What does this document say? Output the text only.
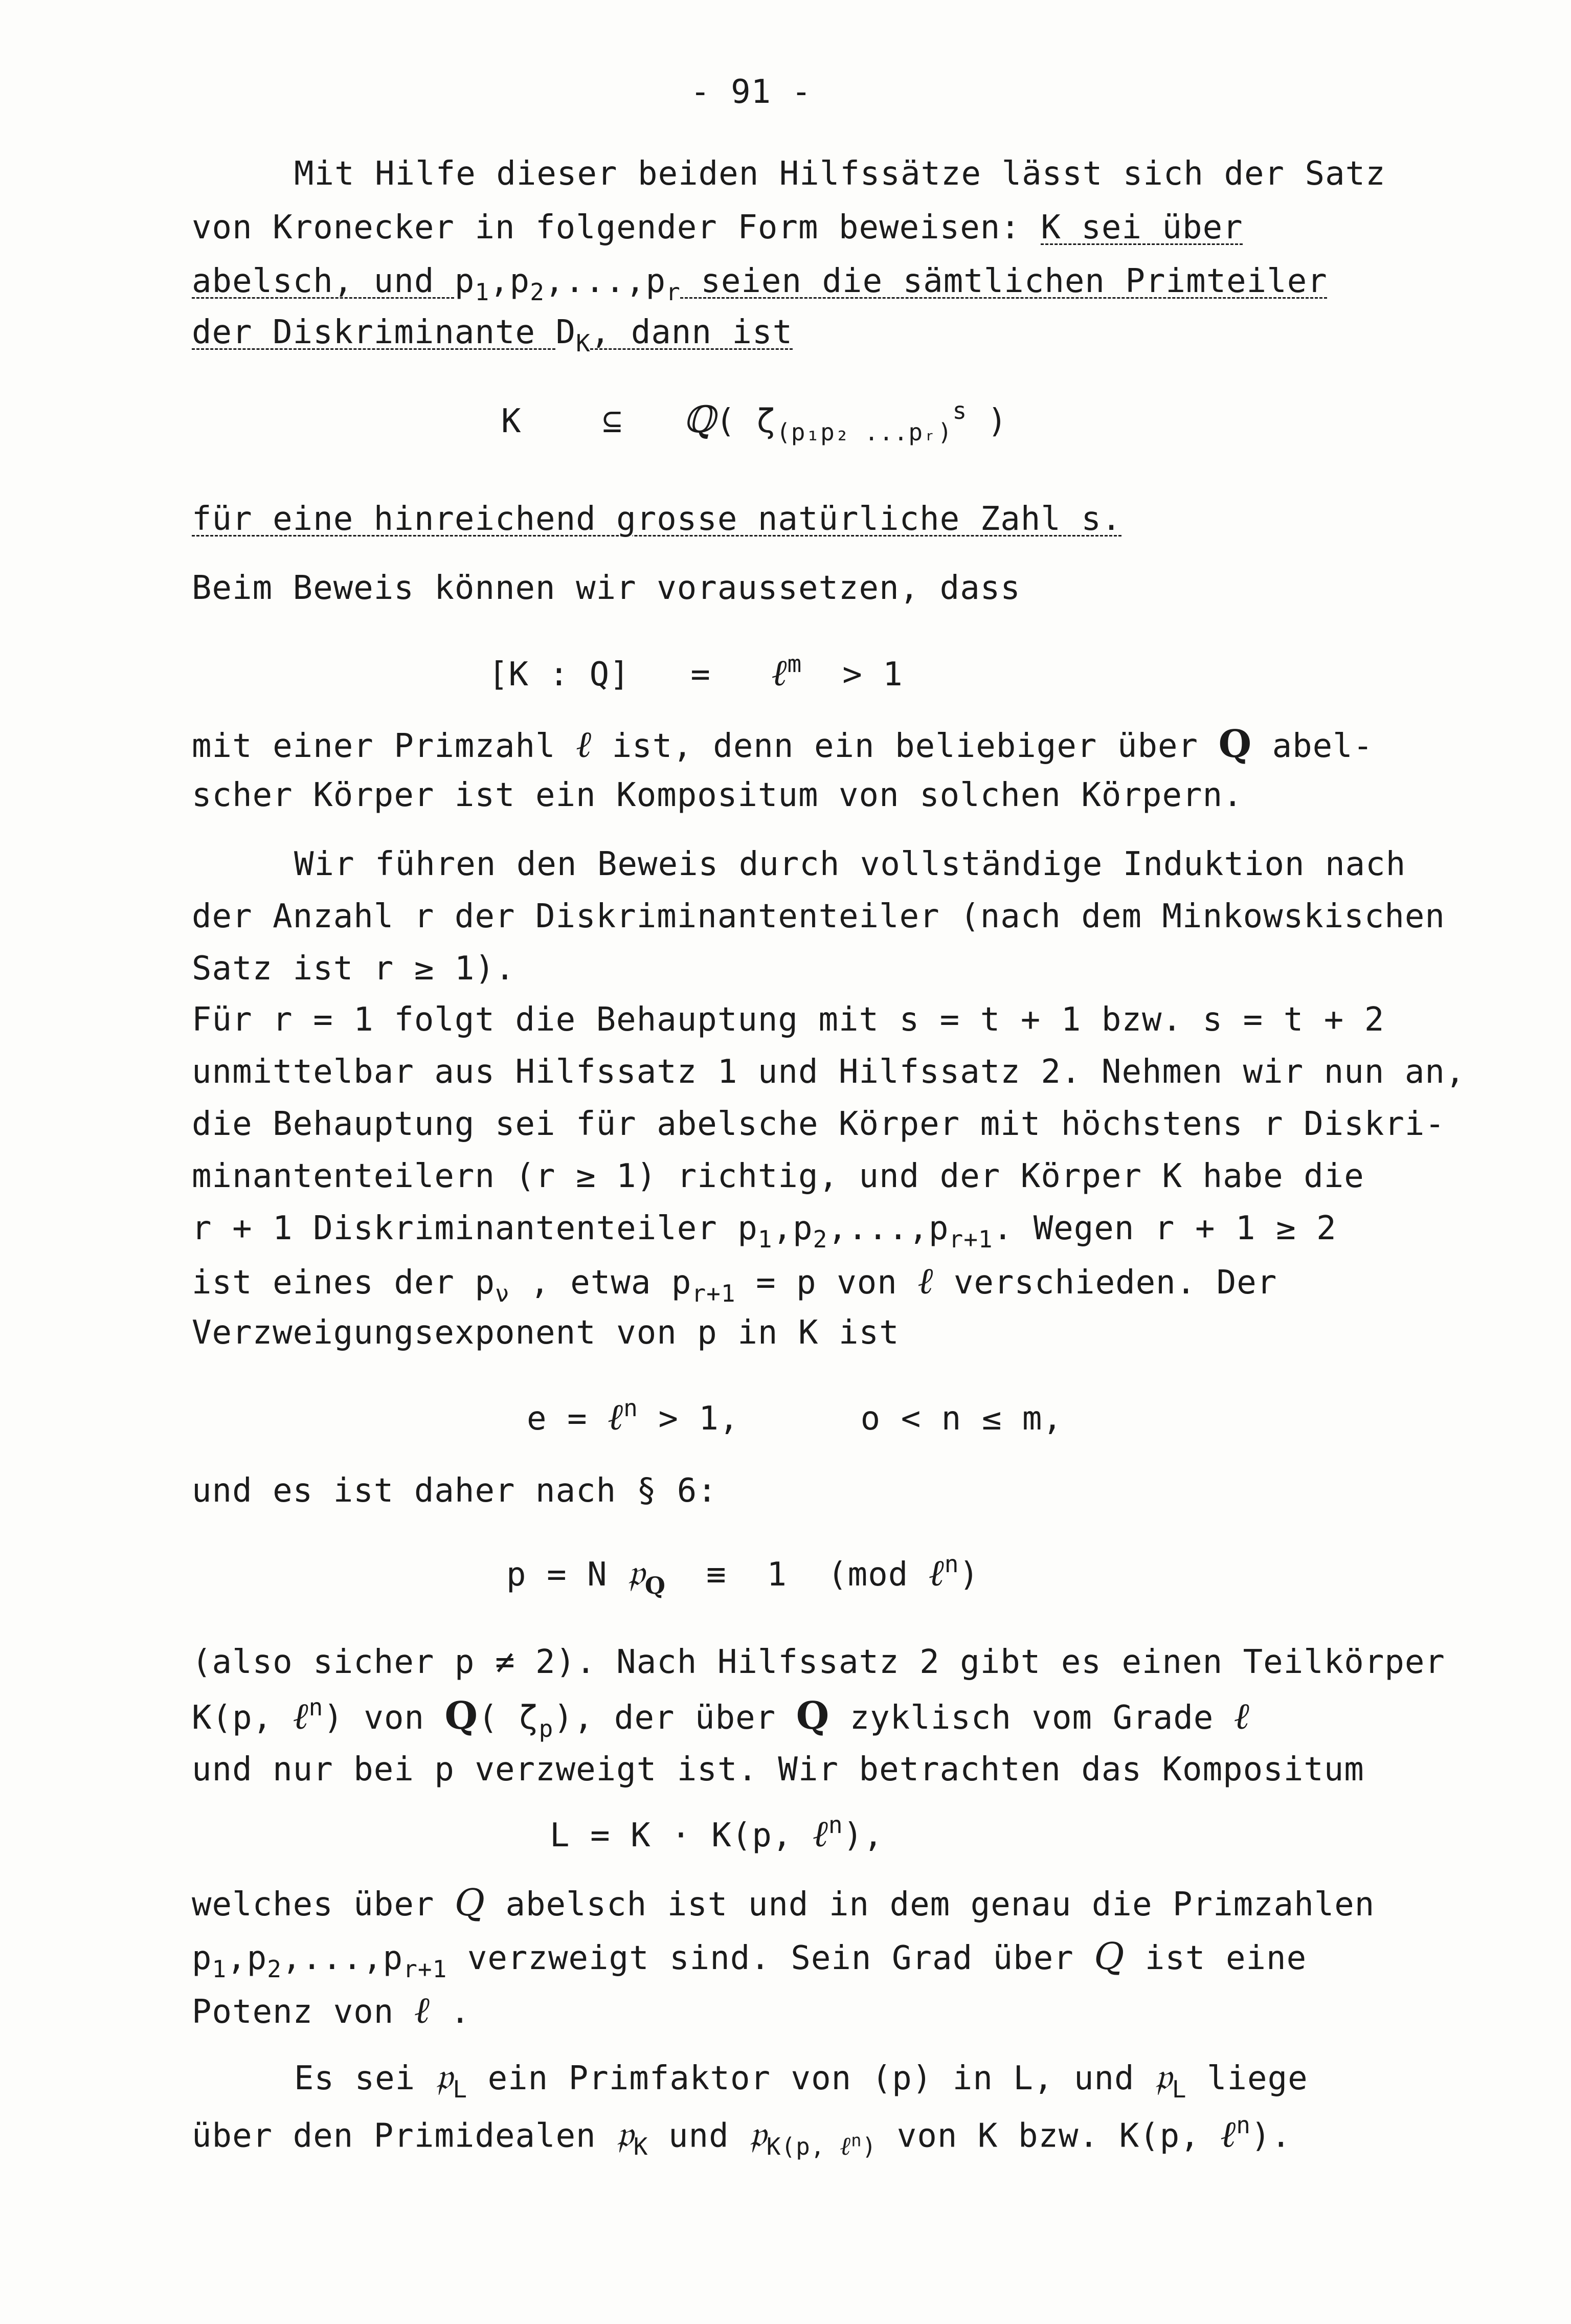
- 91 -
Mit Hilfe dieser beiden Hilfssätze lässt sich der Satz
von Kronecker in folgender Form beweisen: K sei über
abelsch, und $p_1,p_2,...,p_r$ seien die sämtlichen Primteiler
der Diskriminante $D_K$, dann ist
K ⊆ ℚ( $\zeta_{(p_1p_2 ...pᵣ)}^s$ )
für eine hinreichend grosse natürliche Zahl s.
Beim Beweis können wir voraussetzen, dass
[K : Q] = ℓ$^m$ > 1
mit einer Primzahl ℓ ist, denn ein beliebiger über Q abel-
scher Körper ist ein Kompositum von solchen Körpern.
Wir führen den Beweis durch vollständige Induktion nach
der Anzahl r der Diskriminantenteiler (nach dem Minkowskischen
Satz ist r ≥ 1).
Für r = 1 folgt die Behauptung mit s = t + 1 bzw. s = t + 2
unmittelbar aus Hilfssatz 1 und Hilfssatz 2. Nehmen wir nun an,
die Behauptung sei für abelsche Körper mit höchstens r Diskri-
minantenteilern (r ≥ 1) richtig, und der Körper K habe die
r + 1 Diskriminantenteiler $p_1,p_2,...,p_{r+1}$. Wegen r + 1 ≥ 2
ist eines der $p_\nu$ , etwa $p_{r+1} = p$ von ℓ verschieden. Der
Verzweigungsexponent von p in K ist
e = ℓ$^n$ > 1,      o < n ≤ m,
und es ist daher nach § 6:
p = N 𝔭$_Q$  ≡  1  (mod ℓ$^n$)
(also sicher p ≠ 2). Nach Hilfssatz 2 gibt es einen Teilkörper
K(p, ℓ$^n$) von Q( $\zeta_p$), der über Q zyklisch vom Grade ℓ
und nur bei p verzweigt ist. Wir betrachten das Kompositum
L = K · K(p, ℓ$^n$),
welches über Q abelsch ist und in dem genau die Primzahlen
$p_1,p_2,...,p_{r+1}$ verzweigt sind. Sein Grad über Q ist eine
Potenz von ℓ .
Es sei 𝔭$_L$ ein Primfaktor von (p) in L, und 𝔭$_L$ liege
über den Primidealen 𝔭$_K$ und 𝔭$_{K(p, \ell^n)}$ von K bzw. K(p, ℓ$^n$).
